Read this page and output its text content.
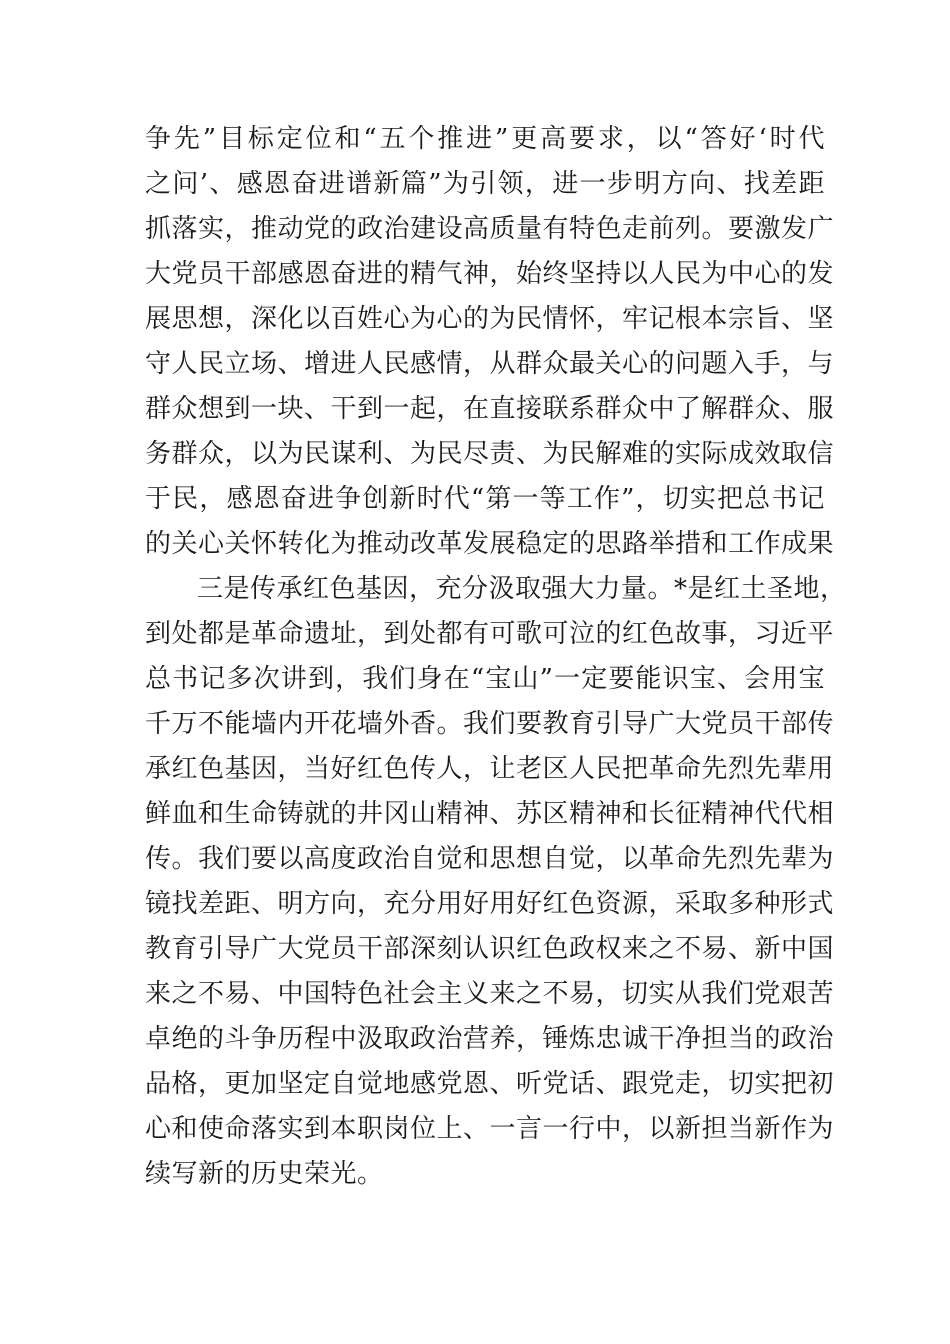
争先”目标定位和“五个推进”更高要求，以“答好‘时代
之问’、感恩奋进谱新篇”为引领，进一步明方向、找差距
抓落实，推动党的政治建设高质量有特色走前列。要激发广
大党员干部感恩奋进的精气神，始终坚持以人民为中心的发
展思想，深化以百姓心为心的为民情怀，牢记根本宗旨、坚
守人民立场、增进人民感情，从群众最关心的问题入手，与
群众想到一块、干到一起，在直接联系群众中了解群众、服
务群众，以为民谋利、为民尽责、为民解难的实际成效取信
于民，感恩奋进争创新时代“第一等工作”，切实把总书记
的关心关怀转化为推动改革发展稳定的思路举措和工作成果
三是传承红色基因，充分汲取强大力量。*是红土圣地，
到处都是革命遗址，到处都有可歌可泣的红色故事，习近平
总书记多次讲到，我们身在“宝山”一定要能识宝、会用宝
千万不能墙内开花墙外香。我们要教育引导广大党员干部传
承红色基因，当好红色传人，让老区人民把革命先烈先辈用
鲜血和生命铸就的井冈山精神、苏区精神和长征精神代代相
传。我们要以高度政治自觉和思想自觉，以革命先烈先辈为
镜找差距、明方向，充分用好用好红色资源，采取多种形式
教育引导广大党员干部深刻认识红色政权来之不易、新中国
来之不易、中国特色社会主义来之不易，切实从我们党艰苦
卓绝的斗争历程中汲取政治营养，锤炼忠诚干净担当的政治
品格，更加坚定自觉地感党恩、听党话、跟党走，切实把初
心和使命落实到本职岗位上、一言一行中，以新担当新作为
续写新的历史荣光。
